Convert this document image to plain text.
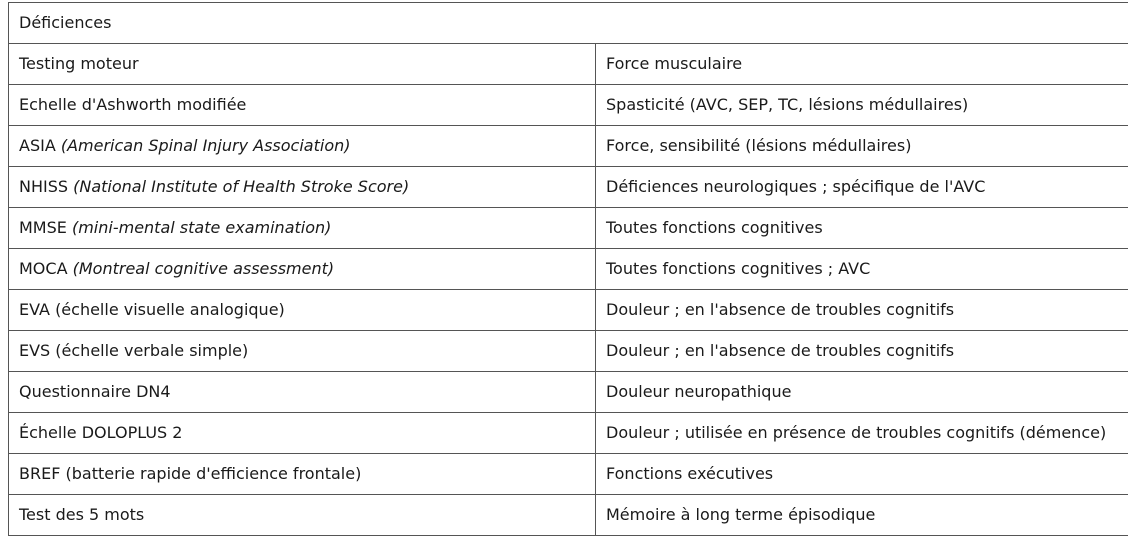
Déficiences	
Testing moteur	Force musculaire
Echelle d'Ashworth modifiée	Spasticité (AVC, SEP, TC, lésions médullaires)
ASIA (American Spinal Injury Association)	Force, sensibilité (lésions médullaires)
NHISS (National Institute of Health Stroke Score)	Déficiences neurologiques ; spécifique de l'AVC
MMSE (mini-mental state examination)	Toutes fonctions cognitives
MOCA (Montreal cognitive assessment)	Toutes fonctions cognitives ; AVC
EVA (échelle visuelle analogique)	Douleur ; en l'absence de troubles cognitifs
EVS (échelle verbale simple)	Douleur ; en l'absence de troubles cognitifs
Questionnaire DN4	Douleur neuropathique
Échelle DOLOPLUS 2	Douleur ; utilisée en présence de troubles cognitifs (démence)
BREF (batterie rapide d'efficience frontale)	Fonctions exécutives
Test des 5 mots	Mémoire à long terme épisodique
